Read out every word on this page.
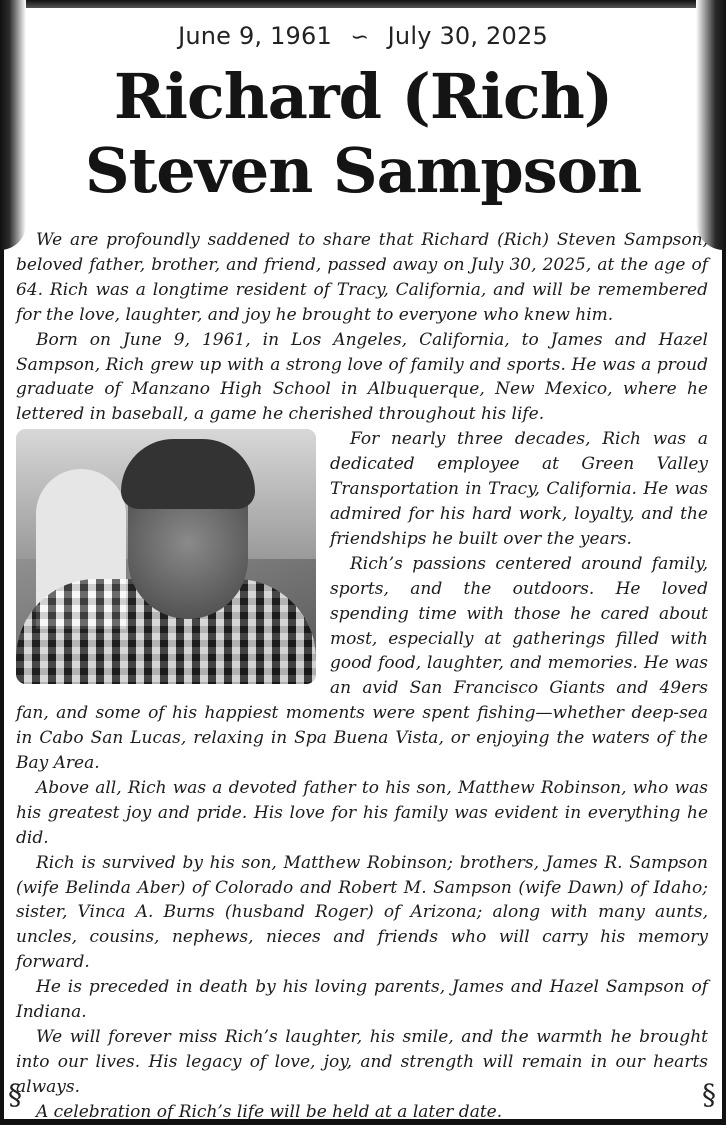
June 9, 1961 ∽ July 30, 2025
Richard (Rich)
Steven Sampson

We are profoundly saddened to share that Richard (Rich) Steven Sampson, beloved father, brother, and friend, passed away on July 30, 2025, at the age of 64. Rich was a longtime resident of Tracy, California, and will be remembered for the love, laughter, and joy he brought to everyone who knew him.

Born on June 9, 1961, in Los Angeles, California, to James and Hazel Sampson, Rich grew up with a strong love of family and sports. He was a proud graduate of Manzano High School in Albuquerque, New Mexico, where he lettered in baseball, a game he cherished throughout his life.

For nearly three decades, Rich was a dedicated employee at Green Valley Transportation in Tracy, California. He was admired for his hard work, loyalty, and the friendships he built over the years.

Rich’s passions centered around family, sports, and the outdoors. He loved spending time with those he cared about most, especially at gatherings filled with good food, laughter, and memories. He was an avid San Francisco Giants and 49ers fan, and some of his happiest moments were spent fishing—whether deep-sea in Cabo San Lucas, relaxing in Spa Buena Vista, or enjoying the waters of the Bay Area.

Above all, Rich was a devoted father to his son, Matthew Robinson, who was his greatest joy and pride. His love for his family was evident in everything he did.

Rich is survived by his son, Matthew Robinson; brothers, James R. Sampson (wife Belinda Aber) of Colorado and Robert M. Sampson (wife Dawn) of Idaho; sister, Vinca A. Burns (husband Roger) of Arizona; along with many aunts, uncles, cousins, nephews, nieces and friends who will carry his memory forward.

He is preceded in death by his loving parents, James and Hazel Sampson of Indiana.

We will forever miss Rich’s laughter, his smile, and the warmth he brought into our lives. His legacy of love, joy, and strength will remain in our hearts always.

A celebration of Rich’s life will be held at a later date.

§	§
